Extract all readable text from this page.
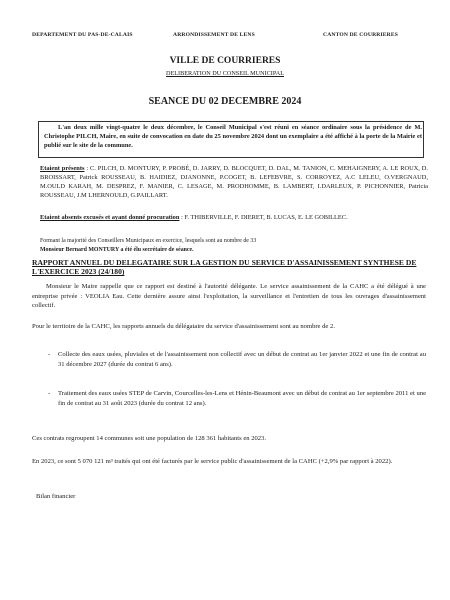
DEPARTEMENT DU PAS-DE-CALAIS	ARRONDISSEMENT DE LENS	CANTON DE COURRIERES
VILLE DE COURRIERES
DELIBERATION DU CONSEIL MUNICIPAL
SEANCE DU 02 DECEMBRE 2024
L'an deux mille vingt-quatre le deux décembre, le Conseil Municipal s'est réuni en séance ordinaire sous la présidence de M. Christophe PILCH, Maire, en suite de convocation en date du 25 novembre 2024 dont un exemplaire a été affiché à la porte de la Mairie et publié sur le site de la commune.
Etaient présents : C. PILCH, D. MONTURY, P. PROBÉ, D. JARRY, D. BLOCQUET, D. DAL, M. TANION, C. MEHAIGNERY, A. LE ROUX, D. BROISSART, Patrick ROUSSEAU, B. HAIDIEZ, DJANONNE, P.COGET, B. LEFEBVRE, S. CORROYEZ, A.C LELEU, O.VERGNAUD, M.OULD KARAH, M. DESPREZ, F. MANIER, C. LESAGE, M. PRODHOMME, B. LAMBERT, I.DARLEUX, P. PICHONNIER, Patricia ROUSSEAU, J.M LHERNOULD, G.PAILLART.
Etaient absents excusés et ayant donné procuration : F. THIBERVILLE, F. DIERET, B. LUCAS, E. LE GOBILLEC.
Formant la majorité des Conseillers Municipaux en exercice, lesquels sont au nombre de 33
Monsieur Bernard MONTURY a été élu secrétaire de séance.
RAPPORT ANNUEL DU DELEGATAIRE SUR LA GESTION DU SERVICE D'ASSAINISSEMENT SYNTHESE DE L'EXERCICE 2023 (24/180)
Monsieur le Maire rappelle que ce rapport est destiné à l'autorité délégante. Le service assainissement de la CAHC a été délégué à une entreprise privée : VEOLIA Eau. Cette dernière assure ainsi l'exploitation, la surveillance et l'entretien de tous les ouvrages d'assainissement collectif.
Pour le territoire de la CAHC, les rapports annuels du délégataire du service d'assainissement sont au nombre de 2.
- Collecte des eaux usées, pluviales et de l'assainissement non collectif avec un début de contrat au 1er janvier 2022 et une fin de contrat au 31 décembre 2027 (durée du contrat 6 ans).
- Traitement des eaux usées STEP de Carvin, Courcelles-les-Lens et Hénin-Beaumont avec un début de contrat au 1er septembre 2011 et une fin de contrat au 31 août 2023 (durée du contrat 12 ans).
Ces contrats regroupent 14 communes soit une population de 128 361 habitants en 2023.
En 2023, ce sont 5 070 121 m³ traités qui ont été facturés par le service public d'assainissement de la CAHC (+2,9% par rapport à 2022).
Bilan financier
